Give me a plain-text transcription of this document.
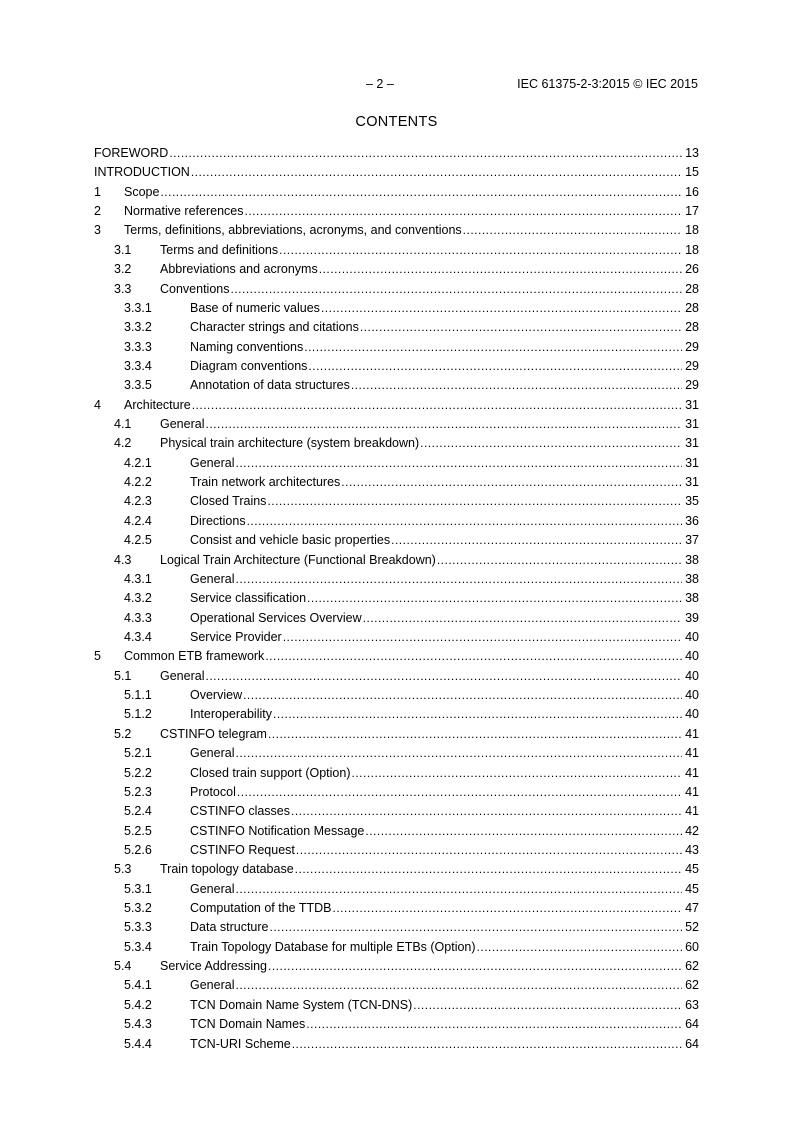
– 2 –	IEC 61375-2-3:2015 © IEC 2015
CONTENTS
FOREWORD .....	13
INTRODUCTION .....	15
1	Scope .....	16
2	Normative references .....	17
3	Terms, definitions, abbreviations, acronyms, and conventions .....	18
3.1	Terms and definitions .....	18
3.2	Abbreviations and acronyms .....	26
3.3	Conventions .....	28
3.3.1	Base of numeric values .....	28
3.3.2	Character strings and citations .....	28
3.3.3	Naming conventions .....	29
3.3.4	Diagram conventions .....	29
3.3.5	Annotation of data structures .....	29
4	Architecture .....	31
4.1	General .....	31
4.2	Physical train architecture (system breakdown) .....	31
4.2.1	General .....	31
4.2.2	Train network architectures .....	31
4.2.3	Closed Trains .....	35
4.2.4	Directions .....	36
4.2.5	Consist and vehicle basic properties .....	37
4.3	Logical Train Architecture (Functional Breakdown) .....	38
4.3.1	General .....	38
4.3.2	Service classification .....	38
4.3.3	Operational Services Overview .....	39
4.3.4	Service Provider .....	40
5	Common ETB framework .....	40
5.1	General .....	40
5.1.1	Overview .....	40
5.1.2	Interoperability .....	40
5.2	CSTINFO telegram .....	41
5.2.1	General .....	41
5.2.2	Closed train support (Option) .....	41
5.2.3	Protocol .....	41
5.2.4	CSTINFO classes .....	41
5.2.5	CSTINFO Notification Message .....	42
5.2.6	CSTINFO Request .....	43
5.3	Train topology database .....	45
5.3.1	General .....	45
5.3.2	Computation of the TTDB .....	47
5.3.3	Data structure .....	52
5.3.4	Train Topology Database for multiple ETBs (Option) .....	60
5.4	Service Addressing .....	62
5.4.1	General .....	62
5.4.2	TCN Domain Name System (TCN-DNS) .....	63
5.4.3	TCN Domain Names .....	64
5.4.4	TCN-URI Scheme .....	64
